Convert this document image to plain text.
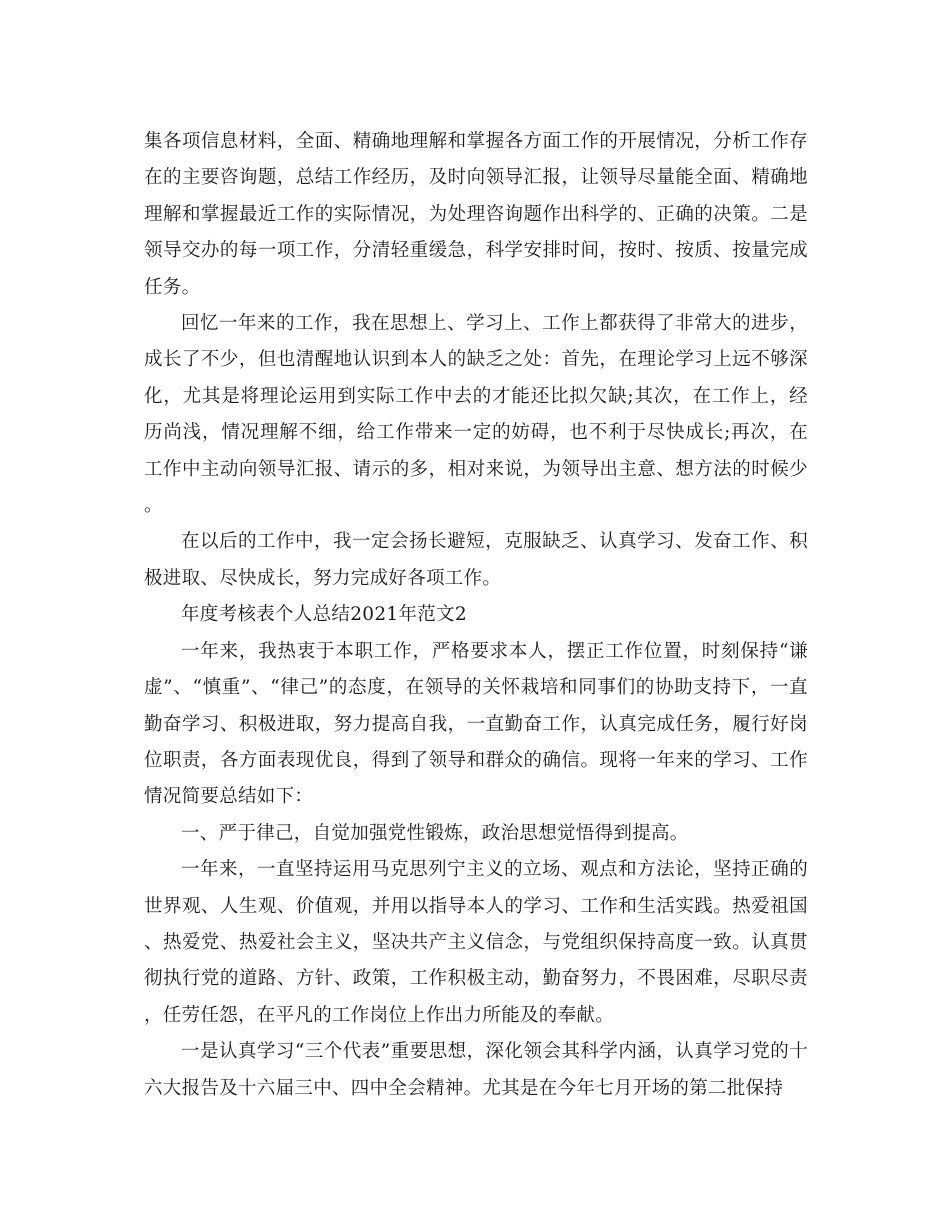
集各项信息材料，全面、精确地理解和掌握各方面工作的开展情况，分析工作存在的主要咨询题，总结工作经历，及时向领导汇报，让领导尽量能全面、精确地理解和掌握最近工作的实际情况，为处理咨询题作出科学的、正确的决策。二是领导交办的每一项工作，分清轻重缓急，科学安排时间，按时、按质、按量完成任务。

回忆一年来的工作，我在思想上、学习上、工作上都获得了非常大的进步，成长了不少，但也清醒地认识到本人的缺乏之处：首先，在理论学习上远不够深化，尤其是将理论运用到实际工作中去的才能还比拟欠缺;其次，在工作上，经历尚浅，情况理解不细，给工作带来一定的妨碍，也不利于尽快成长;再次，在工作中主动向领导汇报、请示的多，相对来说，为领导出主意、想方法的时候少。

在以后的工作中，我一定会扬长避短，克服缺乏、认真学习、发奋工作、积极进取、尽快成长，努力完成好各项工作。

年度考核表个人总结2021年范文2

一年来，我热衷于本职工作，严格要求本人，摆正工作位置，时刻保持“谦虚”、“慎重”、“律己”的态度，在领导的关怀栽培和同事们的协助支持下，一直勤奋学习、积极进取，努力提高自我，一直勤奋工作，认真完成任务，履行好岗位职责，各方面表现优良，得到了领导和群众的确信。现将一年来的学习、工作情况简要总结如下：

一、严于律己，自觉加强党性锻炼，政治思想觉悟得到提高。

一年来，一直坚持运用马克思列宁主义的立场、观点和方法论，坚持正确的世界观、人生观、价值观，并用以指导本人的学习、工作和生活实践。热爱祖国、热爱党、热爱社会主义，坚决共产主义信念，与党组织保持高度一致。认真贯彻执行党的道路、方针、政策，工作积极主动，勤奋努力，不畏困难，尽职尽责，任劳任怨，在平凡的工作岗位上作出力所能及的奉献。

一是认真学习“三个代表”重要思想，深化领会其科学内涵，认真学习党的十六大报告及十六届三中、四中全会精神。尤其是在今年七月开场的第二批保持
